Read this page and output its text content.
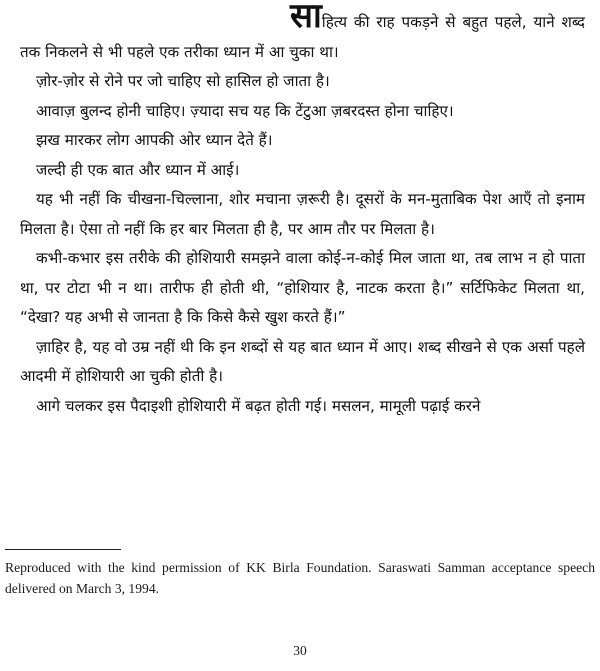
साहित्य की राह पकड़ने से बहुत पहले, याने शब्द तक निकलने से भी पहले एक तरीका ध्यान में आ चुका था।

ज़ोर-ज़ोर से रोने पर जो चाहिए सो हासिल हो जाता है।

आवाज़ बुलन्द होनी चाहिए। ज़्यादा सच यह कि टेंटुआ ज़बरदस्त होना चाहिए।

झख मारकर लोग आपकी ओर ध्यान देते हैं।

जल्दी ही एक बात और ध्यान में आई।

यह भी नहीं कि चीखना-चिल्लाना, शोर मचाना ज़रूरी है। दूसरों के मन-मुताबिक पेश आएँ तो इनाम मिलता है। ऐसा तो नहीं कि हर बार मिलता ही है, पर आम तौर पर मिलता है।

कभी-कभार इस तरीके की होशियारी समझने वाला कोई-न-कोई मिल जाता था, तब लाभ न हो पाता था, पर टोटा भी न था। तारीफ ही होती थी, “होशियार है, नाटक करता है।” सर्टिफिकेट मिलता था, “देखा? यह अभी से जानता है कि किसे कैसे खुश करते हैं।”

ज़ाहिर है, यह वो उम्र नहीं थी कि इन शब्दों से यह बात ध्यान में आए। शब्द सीखने से एक अर्सा पहले आदमी में होशियारी आ चुकी होती है।

आगे चलकर इस पैदाइशी होशियारी में बढ़त होती गई। मसलन, मामूली पढ़ाई करने

Reproduced with the kind permission of KK Birla Foundation. Saraswati Samman acceptance speech delivered on March 3, 1994.
30
